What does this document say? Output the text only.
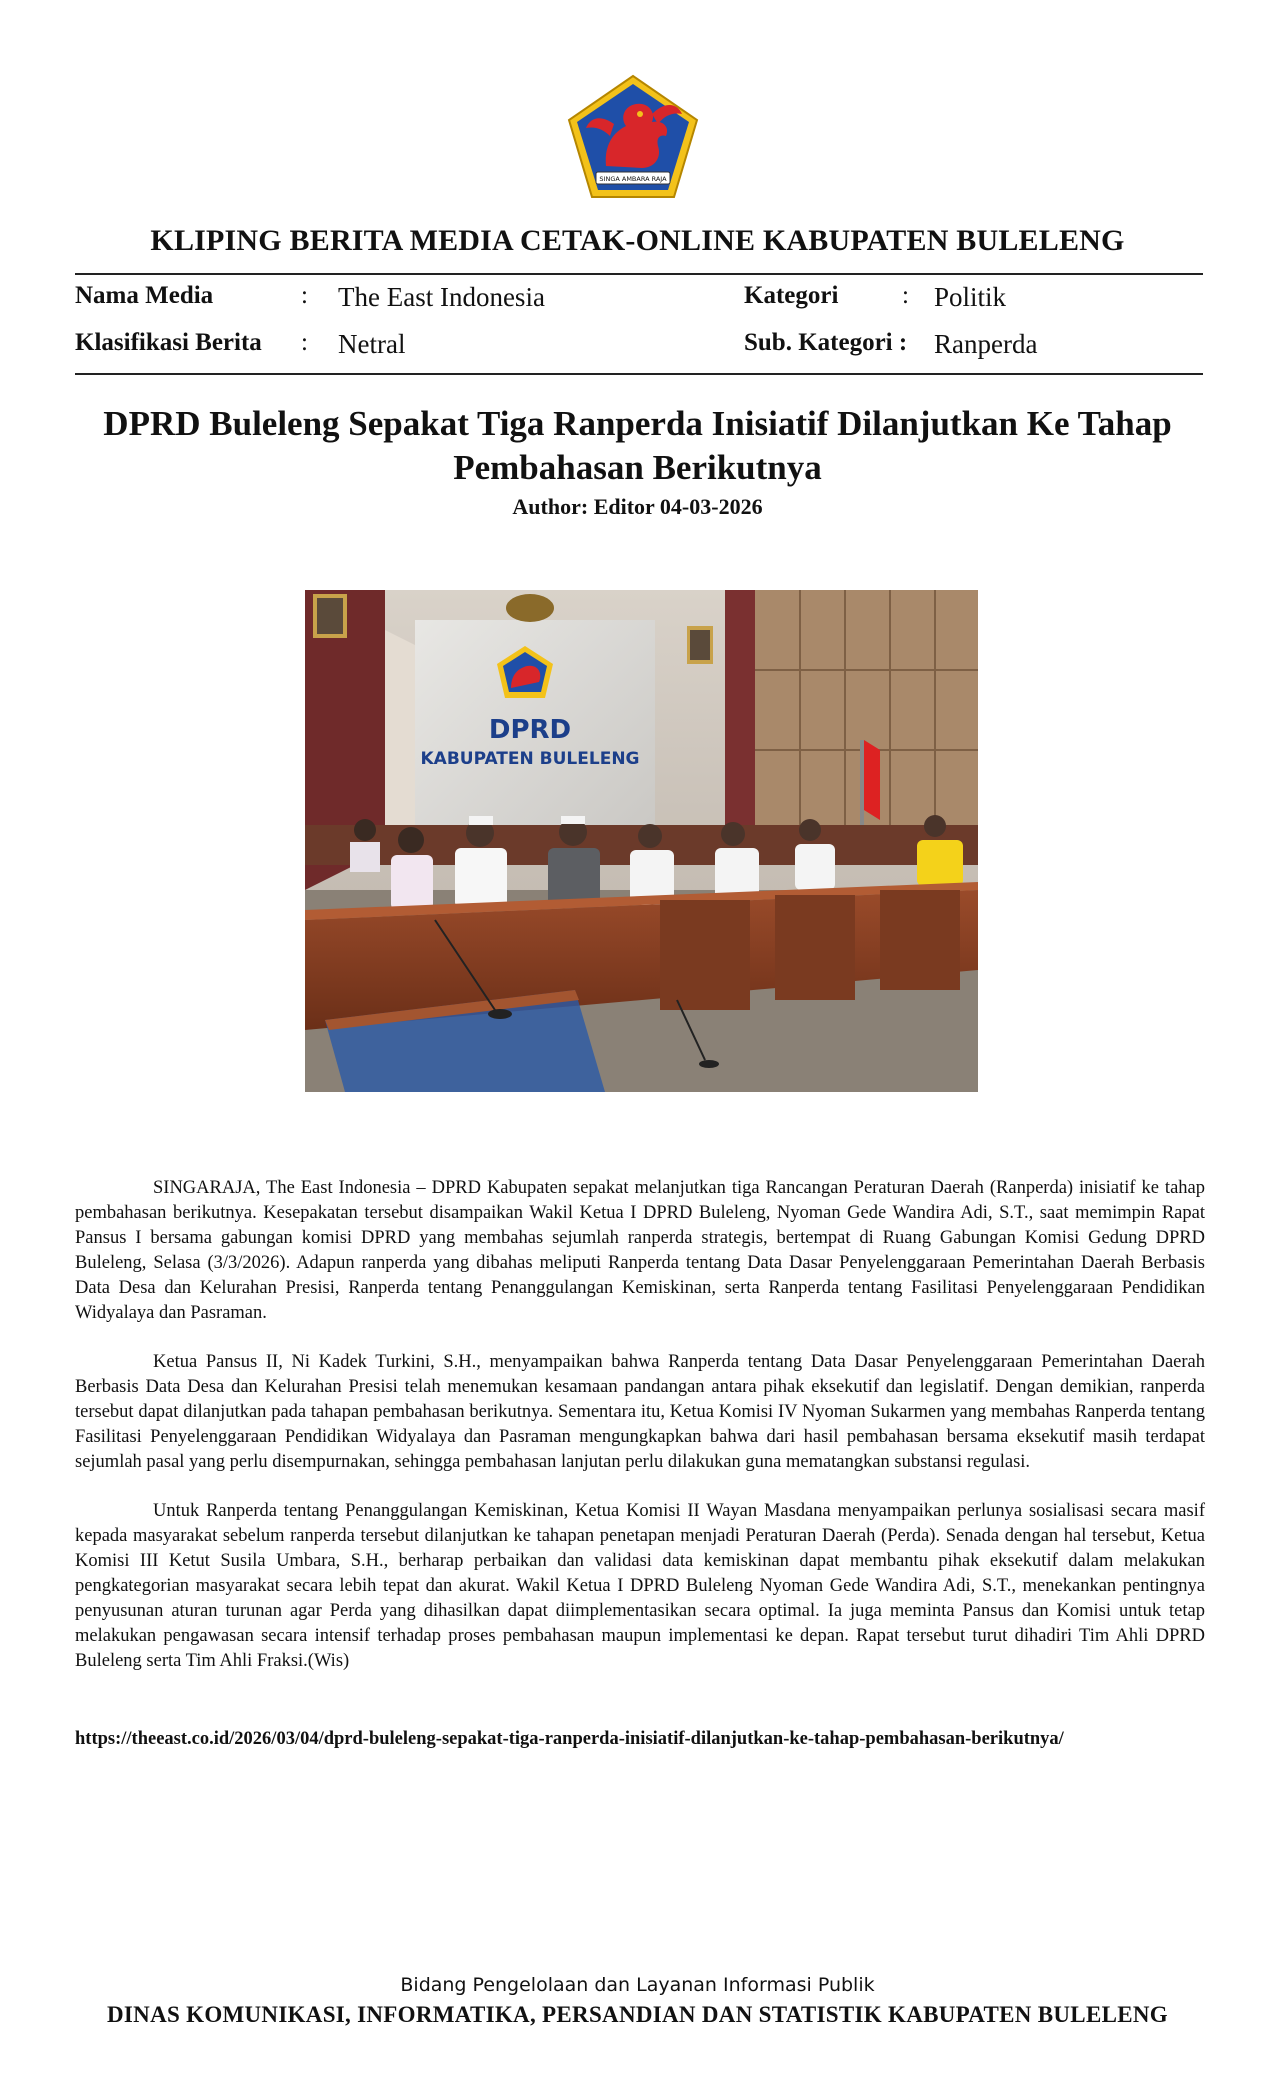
SINGA AMBARA RAJA
KLIPING BERITA MEDIA CETAK-ONLINE KABUPATEN BULELENG
Nama Media	: The East Indonesia	Kategori	: Politik
Klasifikasi Berita : Netral	Sub. Kategori : Ranperda
DPRD Buleleng Sepakat Tiga Ranperda Inisiatif Dilanjutkan Ke Tahap Pembahasan Berikutnya
Author: Editor 04-03-2026
DPRD
KABUPATEN BULELENG

SINGARAJA, The East Indonesia – DPRD Kabupaten sepakat melanjutkan tiga Rancangan Peraturan Daerah (Ranperda) inisiatif ke tahap pembahasan berikutnya. Kesepakatan tersebut disampaikan Wakil Ketua I DPRD Buleleng, Nyoman Gede Wandira Adi, S.T., saat memimpin Rapat Pansus I bersama gabungan komisi DPRD yang membahas sejumlah ranperda strategis, bertempat di Ruang Gabungan Komisi Gedung DPRD Buleleng, Selasa (3/3/2026). Adapun ranperda yang dibahas meliputi Ranperda tentang Data Dasar Penyelenggaraan Pemerintahan Daerah Berbasis Data Desa dan Kelurahan Presisi, Ranperda tentang Penanggulangan Kemiskinan, serta Ranperda tentang Fasilitasi Penyelenggaraan Pendidikan Widyalaya dan Pasraman.

Ketua Pansus II, Ni Kadek Turkini, S.H., menyampaikan bahwa Ranperda tentang Data Dasar Penyelenggaraan Pemerintahan Daerah Berbasis Data Desa dan Kelurahan Presisi telah menemukan kesamaan pandangan antara pihak eksekutif dan legislatif. Dengan demikian, ranperda tersebut dapat dilanjutkan pada tahapan pembahasan berikutnya. Sementara itu, Ketua Komisi IV Nyoman Sukarmen yang membahas Ranperda tentang Fasilitasi Penyelenggaraan Pendidikan Widyalaya dan Pasraman mengungkapkan bahwa dari hasil pembahasan bersama eksekutif masih terdapat sejumlah pasal yang perlu disempurnakan, sehingga pembahasan lanjutan perlu dilakukan guna mematangkan substansi regulasi.

Untuk Ranperda tentang Penanggulangan Kemiskinan, Ketua Komisi II Wayan Masdana menyampaikan perlunya sosialisasi secara masif kepada masyarakat sebelum ranperda tersebut dilanjutkan ke tahapan penetapan menjadi Peraturan Daerah (Perda). Senada dengan hal tersebut, Ketua Komisi III Ketut Susila Umbara, S.H., berharap perbaikan dan validasi data kemiskinan dapat membantu pihak eksekutif dalam melakukan pengkategorian masyarakat secara lebih tepat dan akurat. Wakil Ketua I DPRD Buleleng Nyoman Gede Wandira Adi, S.T., menekankan pentingnya penyusunan aturan turunan agar Perda yang dihasilkan dapat diimplementasikan secara optimal. Ia juga meminta Pansus dan Komisi untuk tetap melakukan pengawasan secara intensif terhadap proses pembahasan maupun implementasi ke depan. Rapat tersebut turut dihadiri Tim Ahli DPRD Buleleng serta Tim Ahli Fraksi.(Wis)

https://theeast.co.id/2026/03/04/dprd-buleleng-sepakat-tiga-ranperda-inisiatif-dilanjutkan-ke-tahap-pembahasan-berikutnya/
Bidang Pengelolaan dan Layanan Informasi Publik
DINAS KOMUNIKASI, INFORMATIKA, PERSANDIAN DAN STATISTIK KABUPATEN BULELENG
